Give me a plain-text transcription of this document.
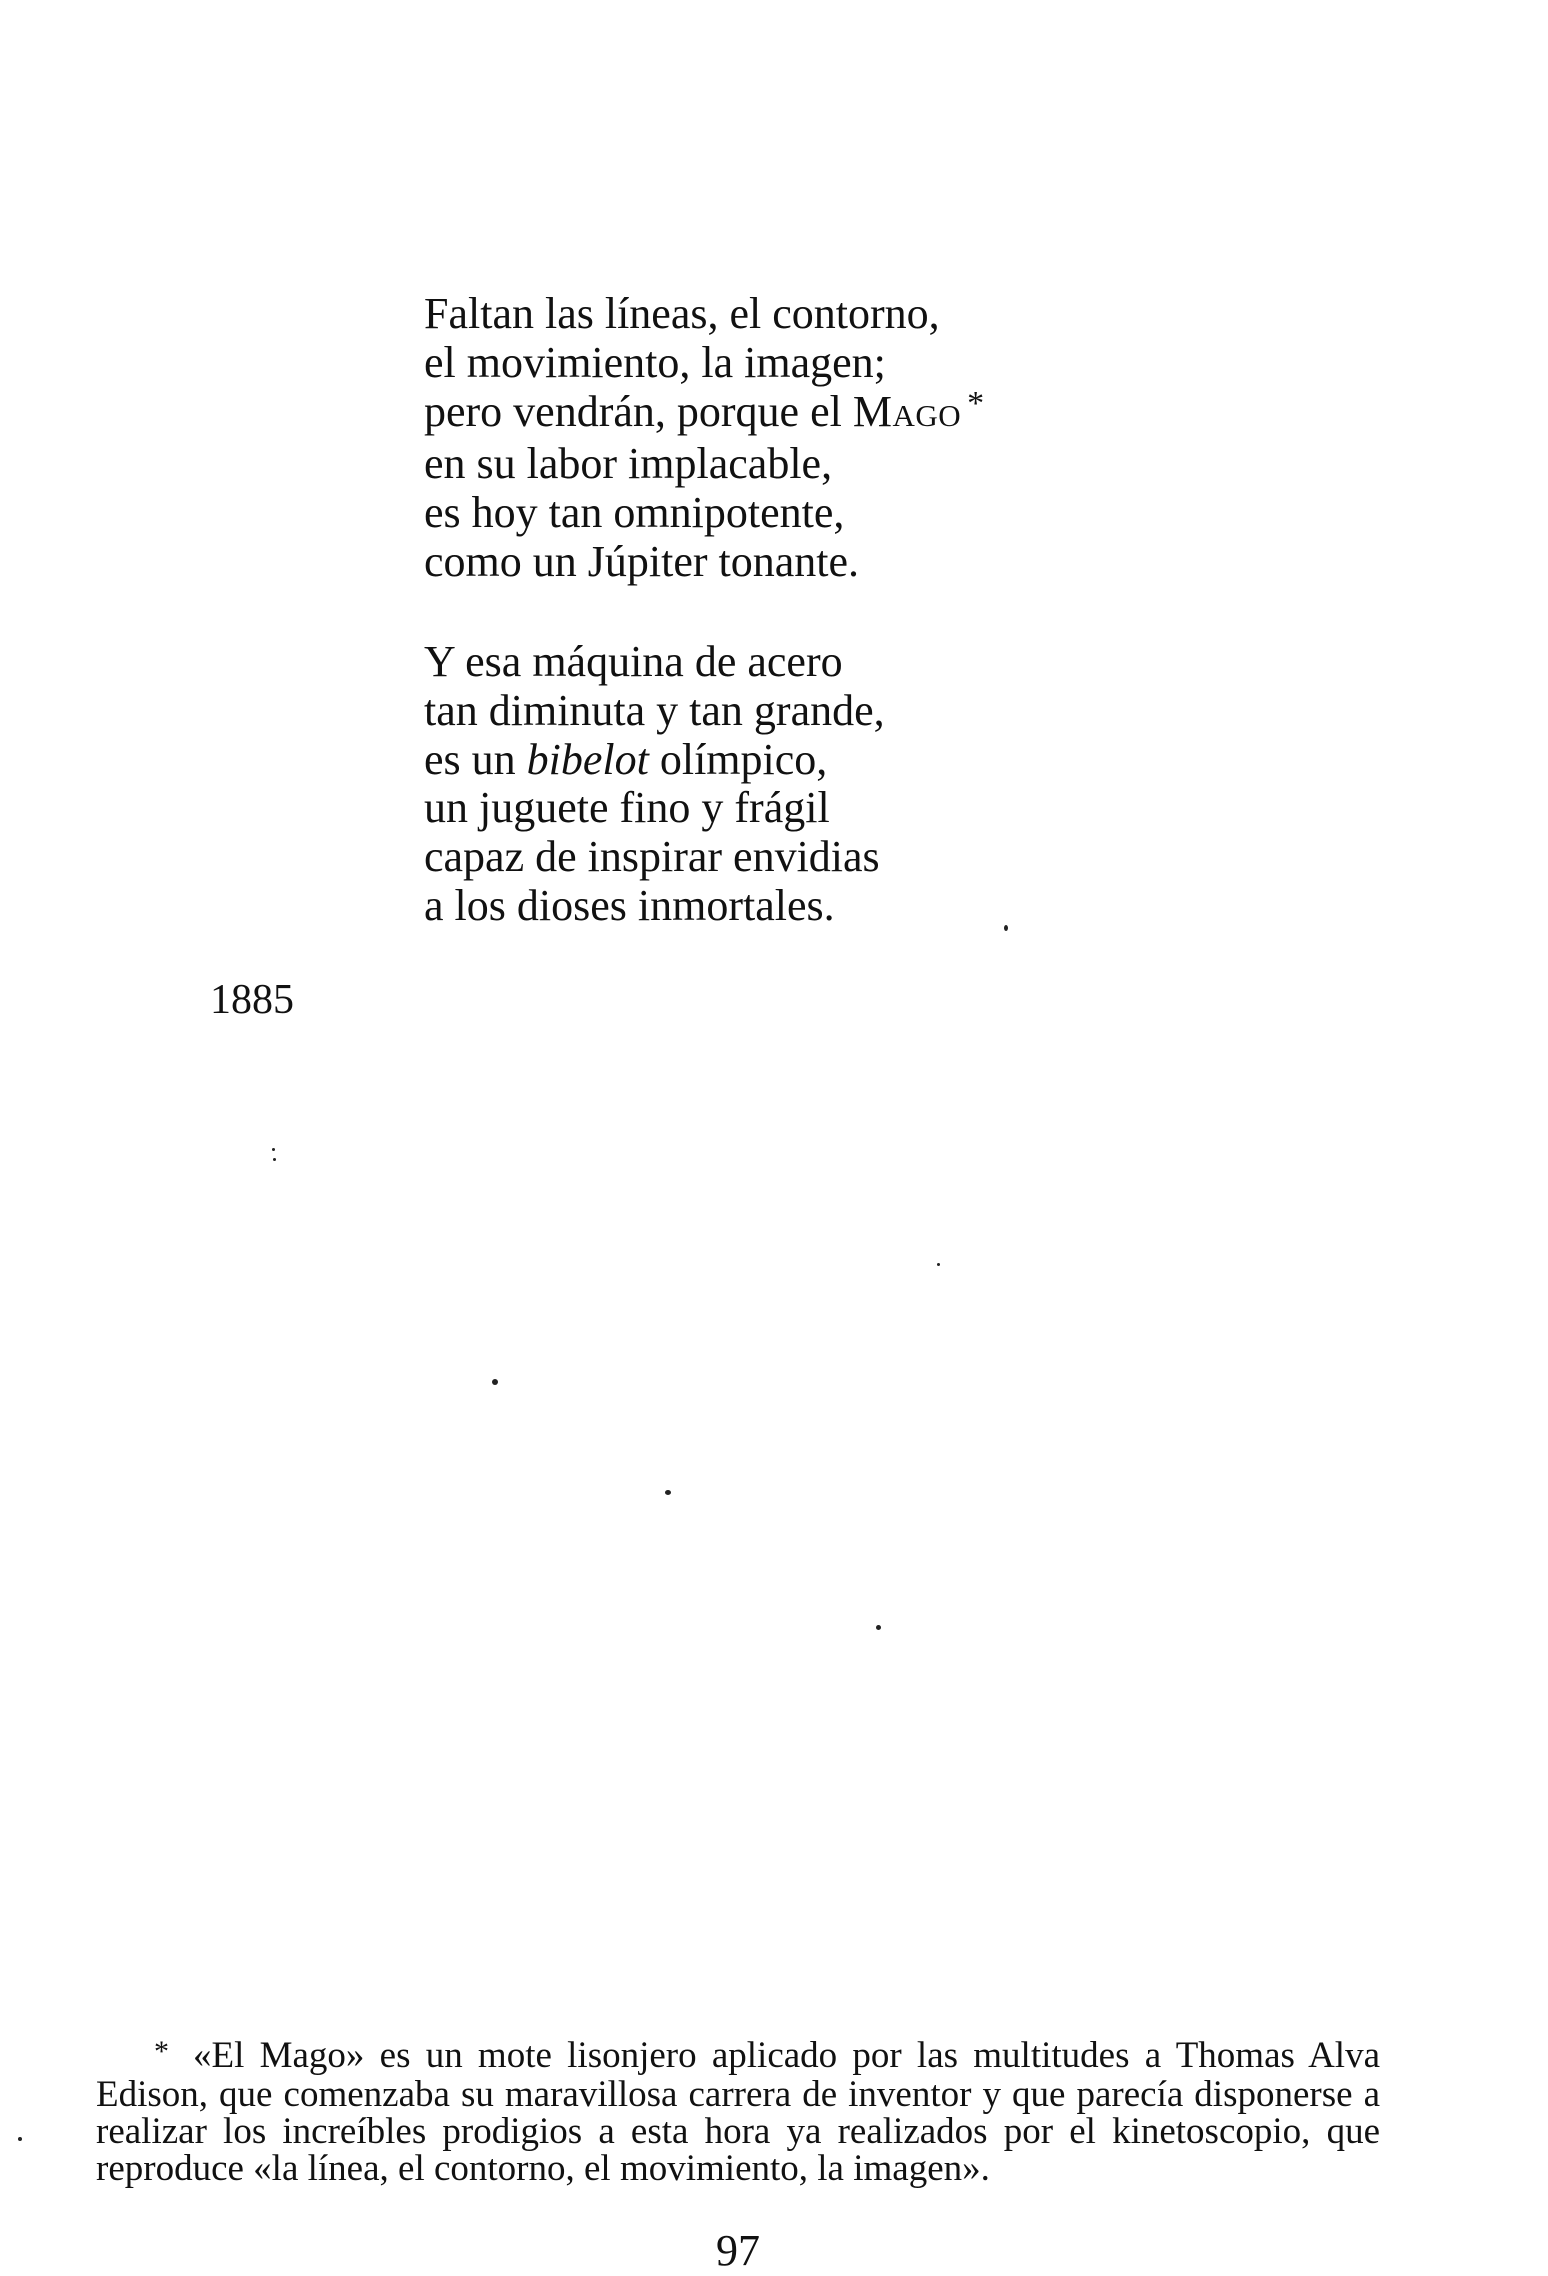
Faltan las líneas, el contorno,
el movimiento, la imagen;
pero vendrán, porque el Mago *
en su labor implacable,
es hoy tan omnipotente,
como un Júpiter tonante.
Y esa máquina de acero
tan diminuta y tan grande,
es un bibelot olímpico,
un juguete fino y frágil
capaz de inspirar envidias
a los dioses inmortales.
1885

* «El Mago» es un mote lisonjero aplicado por las multitudes a Thomas Alva Edison, que comenzaba su maravillosa carrera de inventor y que parecía disponerse a realizar los increíbles prodigios a esta hora ya realizados por el kinetoscopio, que reproduce «la línea, el contorno, el movimiento, la imagen».

97
